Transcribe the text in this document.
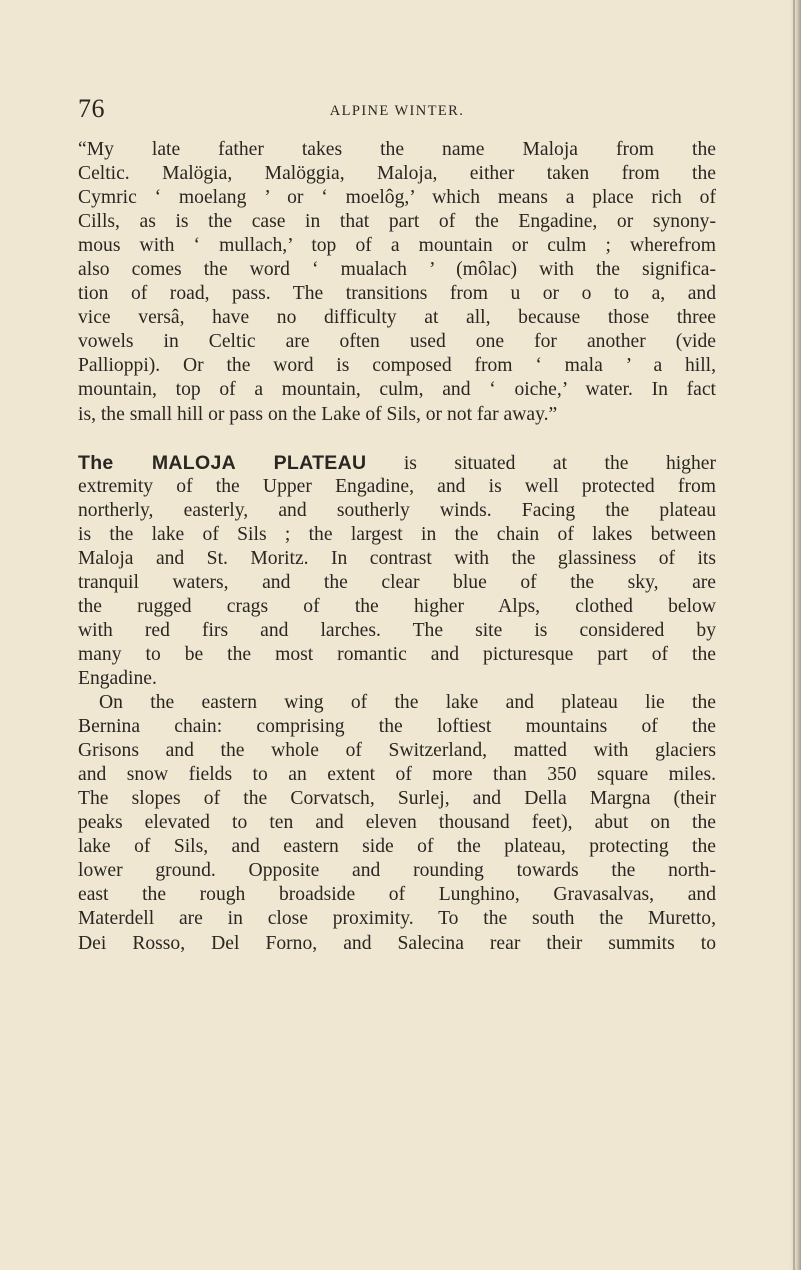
76	ALPINE WINTER.
“My late father takes the name Maloja from the
Celtic. Malögia, Malöggia, Maloja, either taken from the
Cymric ‘ moelang ’ or ‘ moelôg,’ which means a place rich of
Cills, as is the case in that part of the Engadine, or synony-
mous with ‘ mullach,’ top of a mountain or culm ; wherefrom
also comes the word ‘ mualach ’ (môlac) with the significa-
tion of road, pass. The transitions from u or o to a, and
vice versâ, have no difficulty at all, because those three
vowels in Celtic are often used one for another (vide
Pallioppi). Or the word is composed from ‘ mala ’ a hill,
mountain, top of a mountain, culm, and ‘ oiche,’ water. In fact
is, the small hill or pass on the Lake of Sils, or not far away.”
The MALOJA PLATEAU is situated at the higher
extremity of the Upper Engadine, and is well protected from
northerly, easterly, and southerly winds. Facing the plateau
is the lake of Sils ; the largest in the chain of lakes between
Maloja and St. Moritz. In contrast with the glassiness of its
tranquil waters, and the clear blue of the sky, are
the rugged crags of the higher Alps, clothed below
with red firs and larches. The site is considered by
many to be the most romantic and picturesque part of the
Engadine.
On the eastern wing of the lake and plateau lie the
Bernina chain: comprising the loftiest mountains of the
Grisons and the whole of Switzerland, matted with glaciers
and snow fields to an extent of more than 350 square miles.
The slopes of the Corvatsch, Surlej, and Della Margna (their
peaks elevated to ten and eleven thousand feet), abut on the
lake of Sils, and eastern side of the plateau, protecting the
lower ground. Opposite and rounding towards the north-
east the rough broadside of Lunghino, Gravasalvas, and
Materdell are in close proximity. To the south the Muretto,
Dei Rosso, Del Forno, and Salecina rear their summits to
